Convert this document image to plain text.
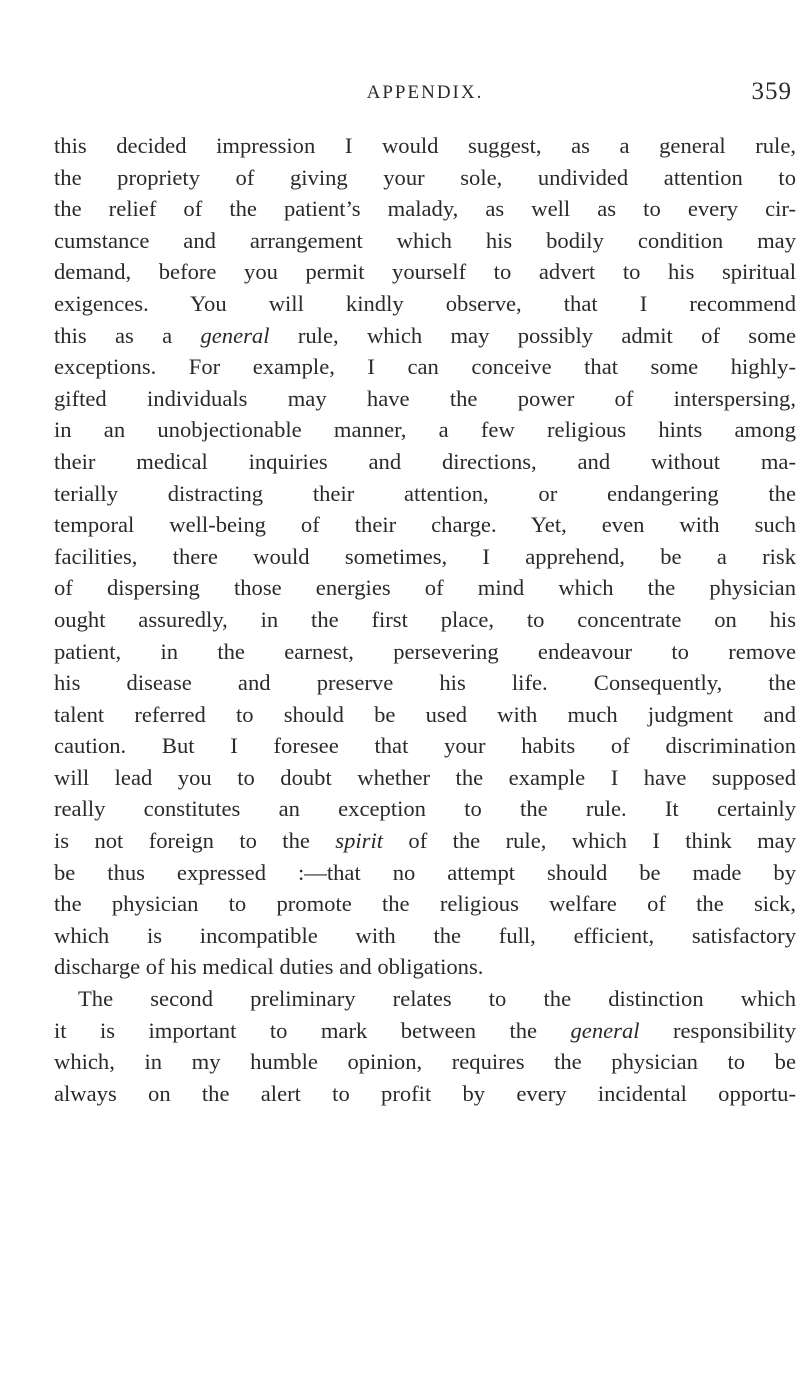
APPENDIX.	359
this decided impression I would suggest, as a general rule,
the propriety of giving your sole, undivided attention to
the relief of the patient’s malady, as well as to every cir-
cumstance and arrangement which his bodily condition may
demand, before you permit yourself to advert to his spiritual
exigences. You will kindly observe, that I recommend
this as a general rule, which may possibly admit of some
exceptions. For example, I can conceive that some highly-
gifted individuals may have the power of interspersing,
in an unobjectionable manner, a few religious hints among
their medical inquiries and directions, and without ma-
terially distracting their attention, or endangering the
temporal well-being of their charge. Yet, even with such
facilities, there would sometimes, I apprehend, be a risk
of dispersing those energies of mind which the physician
ought assuredly, in the first place, to concentrate on his
patient, in the earnest, persevering endeavour to remove
his disease and preserve his life. Consequently, the
talent referred to should be used with much judgment and
caution. But I foresee that your habits of discrimination
will lead you to doubt whether the example I have supposed
really constitutes an exception to the rule. It certainly
is not foreign to the spirit of the rule, which I think may
be thus expressed :—that no attempt should be made by
the physician to promote the religious welfare of the sick,
which is incompatible with the full, efficient, satisfactory
discharge of his medical duties and obligations.
The second preliminary relates to the distinction which
it is important to mark between the general responsibility
which, in my humble opinion, requires the physician to be
always on the alert to profit by every incidental opportu-
